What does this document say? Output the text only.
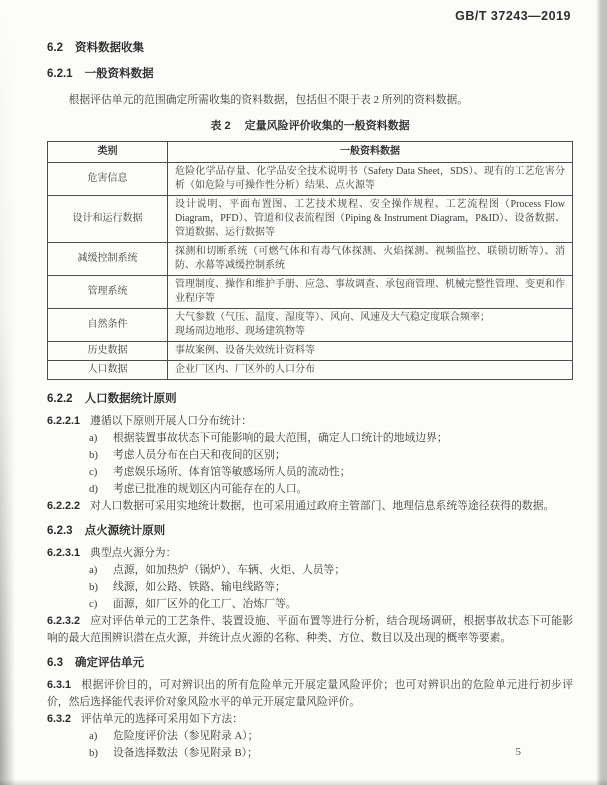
GB/T 37243—2019
6.2 资料数据收集
6.2.1 一般资料数据

根据评估单元的范围确定所需收集的资料数据，包括但不限于表 2 所列的资料数据。

表 2 定量风险评价收集的一般资料数据
类别	一般资料数据
危害信息	危险化学品存量、化学品安全技术说明书（Safety Data Sheet，SDS）、现有的工艺危害分析（如危险与可操作性分析）结果、点火源等

设计和运行数据	设计说明、平面布置图、工艺技术规程、安全操作规程、工艺流程图（Process Flow Diagram，PFD）、管道和仪表流程图（Piping & Instrument Diagram，P&ID）、设备数据、管道数据、运行数据等

减缓控制系统	探测和切断系统（可燃气体和有毒气体探测、火焰探测、视频监控、联锁切断等）、消防、水幕等减缓控制系统

管理系统	管理制度、操作和维护手册、应急、事故调查、承包商管理、机械完整性管理、变更和作业程序等

自然条件	大气参数（气压、温度、湿度等）、风向、风速及大气稳定度联合频率；
现场周边地形、现场建筑物等

历史数据	事故案例、设备失效统计资料等

人口数据	企业厂区内、厂区外的人口分布
6.2.2 人口数据统计原则

6.2.2.1 遵循以下原则开展人口分布统计：

a)	根据装置事故状态下可能影响的最大范围，确定人口统计的地域边界；
b)	考虑人员分布在白天和夜间的区别；
c)	考虑娱乐场所、体育馆等敏感场所人员的流动性；
d)	考虑已批准的规划区内可能存在的人口。

6.2.2.2 对人口数据可采用实地统计数据，也可采用通过政府主管部门、地理信息系统等途径获得的数据。

6.2.3 点火源统计原则

6.2.3.1 典型点火源分为：

a)	点源，如加热炉（锅炉）、车辆、火炬、人员等；
b)	线源，如公路、铁路、输电线路等；
c)	面源，如厂区外的化工厂、冶炼厂等。

6.2.3.2 应对评估单元的工艺条件、装置设施、平面布置等进行分析，结合现场调研，根据事故状态下可能影响的最大范围辨识潜在点火源，并统计点火源的名称、种类、方位、数目以及出现的概率等要素。

6.3 确定评估单元

6.3.1 根据评价目的，可对辨识出的所有危险单元开展定量风险评价；也可对辨识出的危险单元进行初步评价，然后选择能代表评价对象风险水平的单元开展定量风险评价。

6.3.2 评估单元的选择可采用如下方法：

a)	危险度评价法（参见附录 A）；
b)	设备选择数法（参见附录 B）；	5
